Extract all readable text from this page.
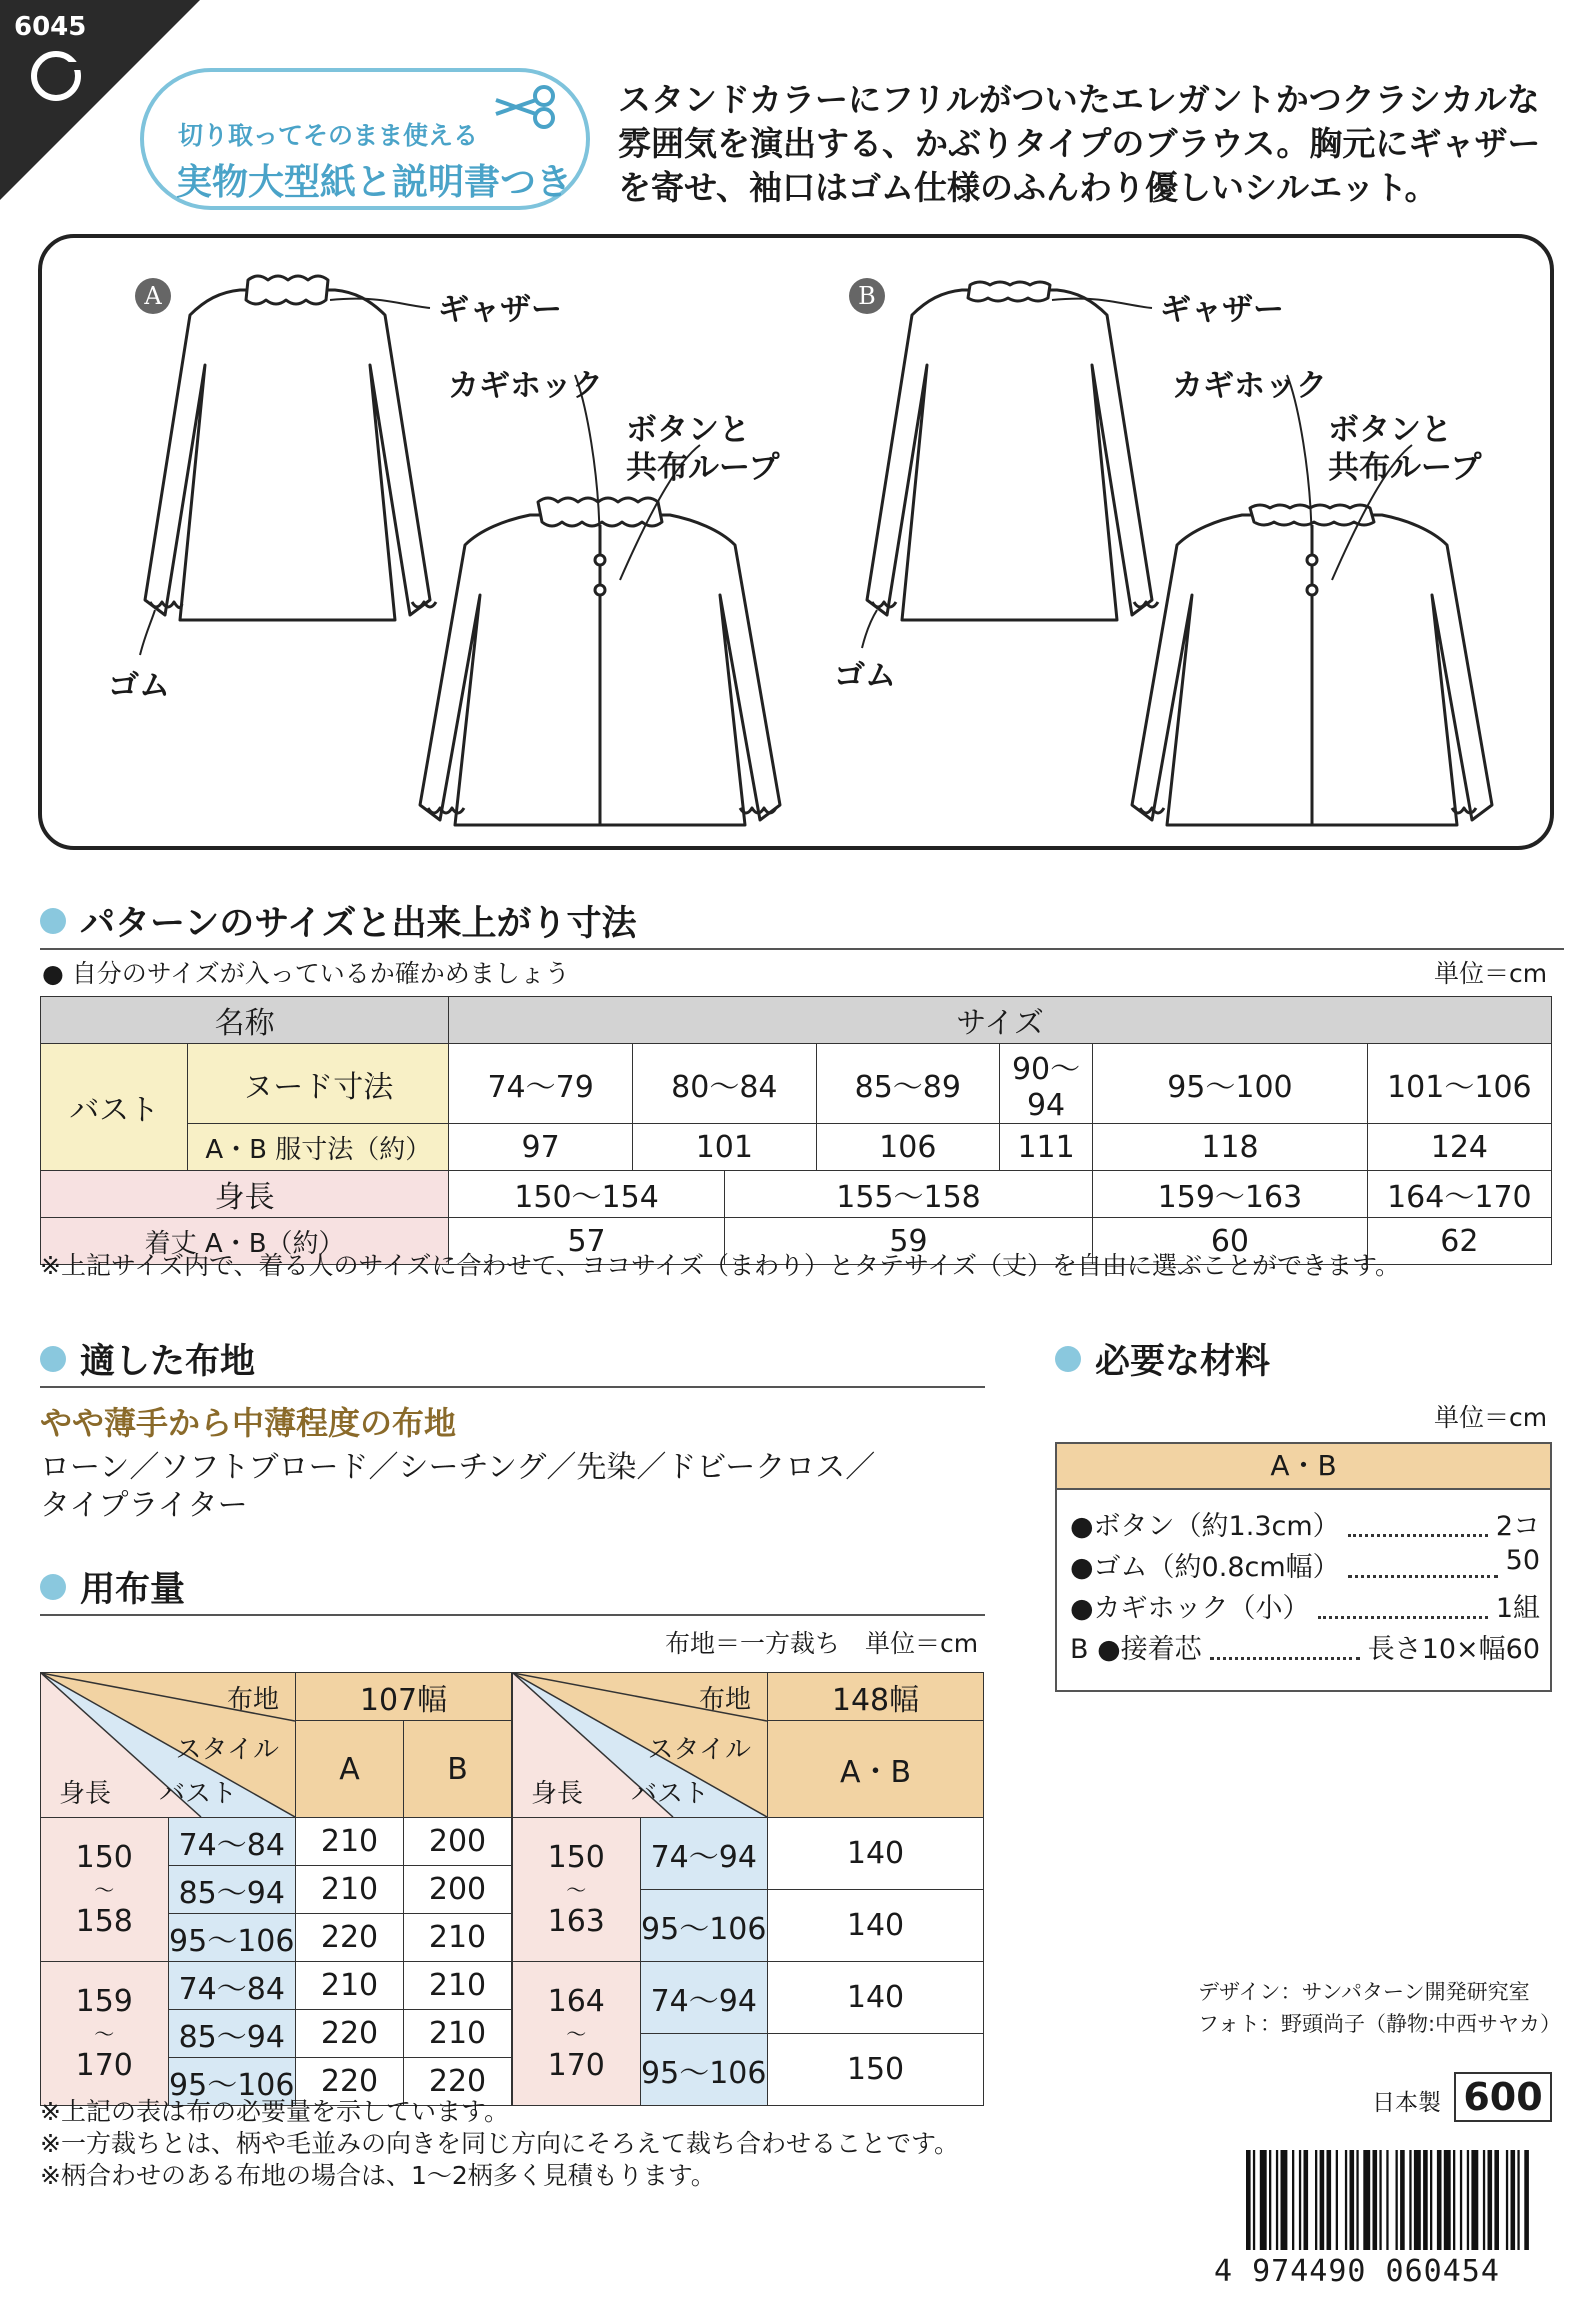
6045
切り取ってそのまま使える
実物大型紙と説明書つき
スタンドカラーにフリルがついたエレガントかつクラシカルな雰囲気を演出する、かぶりタイプのブラウス。胸元にギャザーを寄せ、袖口はゴム仕様のふんわり優しいシルエット。
A	B
ギャザー
カギホック
ボタンと
共布ループ
ゴム
ギャザー
カギホック
ボタンと
共布ループ
ゴム
パターンのサイズと出来上がり寸法
● 自分のサイズが入っているか確かめましょう	単位＝cm
名称		サイズ						
バスト	ヌード寸法	74〜79	80〜84		85〜89	90〜94	95〜100	101〜106
	A・B 服寸法（約）	97	101		106	111	118	124
身長		150〜154		155〜158			159〜163	164〜170
着丈 A・B（約）		57		59			60	62
※上記サイズ内で、着る人のサイズに合わせて、ヨコサイズ（まわり）とタテサイズ（丈）を自由に選ぶことができます。
適した布地
やや薄手から中薄程度の布地
ローン／ソフトブロード／シーチング／先染／ドビークロス／
タイプライター
必要な材料
単位＝cm
A・B
●ボタン（約1.3cm）	2コ
●ゴム（約0.8cm幅）	50
●カギホック（小）	1組
B ●接着芯	長さ10×幅60
用布量
布地＝一方裁ち　単位＝cm
布地
スタイル
身長 バスト		107幅	
		A	B

150
〜
158	74〜84	210	200
	85〜94	210	200
	95〜106	220	210

159
〜
170	74〜84	210	210
	85〜94	220	210
	95〜106	220	220
布地
スタイル
身長 バスト		148幅
		A・B

150
〜
163	74〜94	140
	95〜106	140

164
〜
170	74〜94	140
	95〜106	150
※上記の表は布の必要量を示しています。
※一方裁ちとは、柄や毛並みの向きを同じ方向にそろえて裁ち合わせることです。
※柄合わせのある布地の場合は、1〜2柄多く見積もります。
デザイン：サンパターン開発研究室
フォト：野頭尚子（静物:中西サヤカ）
日本製 600
4 974490 060454
